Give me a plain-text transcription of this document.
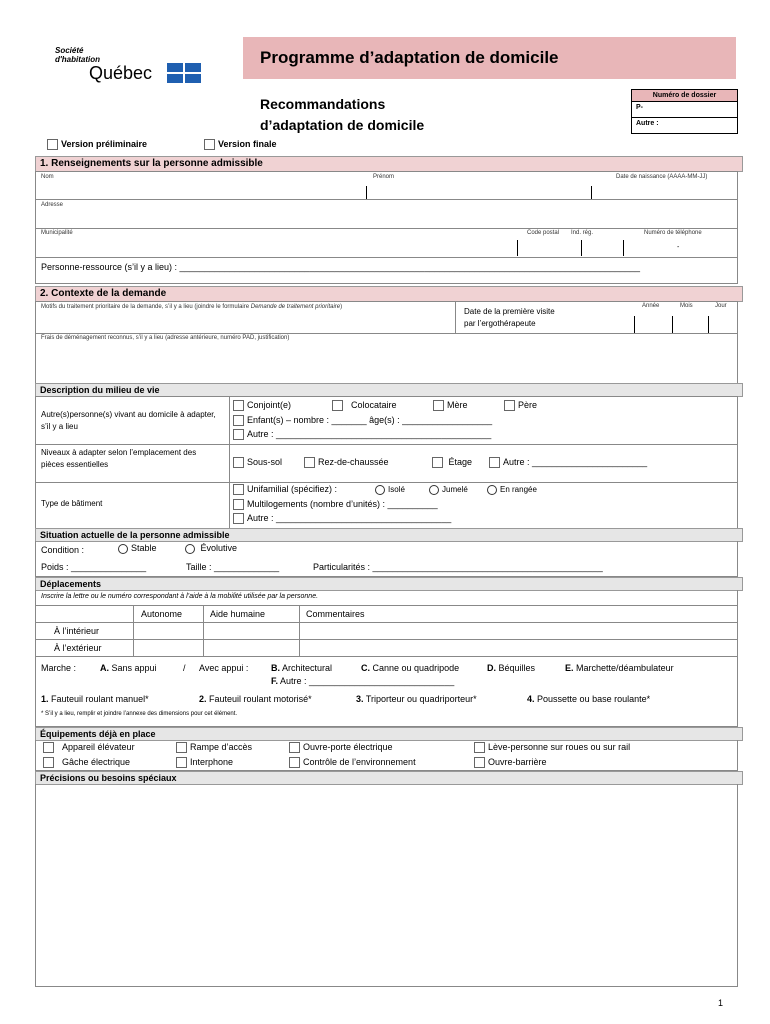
Société
d'habitation
Québec
Programme d’adaptation de domicile
Recommandations
d’adaptation de domicile
Numéro de dossier
P-
Autre :
Version préliminaire	Version finale
1. Renseignements sur la personne admissible
Nom	Prénom	Date de naissance (AAAA-MM-JJ)
Adresse
Municipalité	Code postal Ind. rég.	Numéro de téléphone
-
Personne-ressource (s’il y a lieu) : ____________________________________________________________________________________________
2. Contexte de la demande
Motifs du traitement prioritaire de la demande, s’il y a lieu (joindre le formulaire Demande de traitement prioritaire)	Date de la première visite
par l’ergothérapeute
Année	Mois	Jour
Frais de déménagement reconnus, s’il y a lieu (adresse antérieure, numéro PAD, justification)
Description du milieu de vie
Autre(s)personne(s) vivant au domicile à adapter, s’il y a lieu
Conjoint(e)	Colocataire	Mère	Père
Enfant(s) – nombre : _______ âge(s) : __________________
Autre : ___________________________________________
Niveaux à adapter selon l’emplacement des pièces essentielles	Sous-sol	Rez-de-chaussée	Étage	Autre : _______________________
Type de bâtiment
Unifamilial (spécifiez) :	Isolé	Jumelé	En rangée
Multilogements (nombre d’unités) : __________
Autre : ___________________________________
Situation actuelle de la personne admissible
Condition :	Stable	Évolutive
Poids : _______________	Taille : _____________	Particularités : ______________________________________________
Déplacements
Inscrire la lettre ou le numéro correspondant à l’aide à la mobilité utilisée par la personne.
Autonome	Aide humaine	Commentaires
À l’intérieur
À l’extérieur
Marche :	A. Sans appui	/ Avec appui :	B. Architectural	C. Canne ou quadripode	D. Béquilles	E. Marchette/déambulateur
F. Autre : _____________________________
1. Fauteuil roulant manuel*	2. Fauteuil roulant motorisé*	3. Triporteur ou quadriporteur*	4. Poussette ou base roulante*
* S’il y a lieu, remplir et joindre l’annexe des dimensions pour cet élément.
Équipements déjà en place
Appareil élévateur	Rampe d’accès	Ouvre-porte électrique	Lève-personne sur roues ou sur rail
Gâche électrique	Interphone	Contrôle de l’environnement	Ouvre-barrière
Précisions ou besoins spéciaux
1
